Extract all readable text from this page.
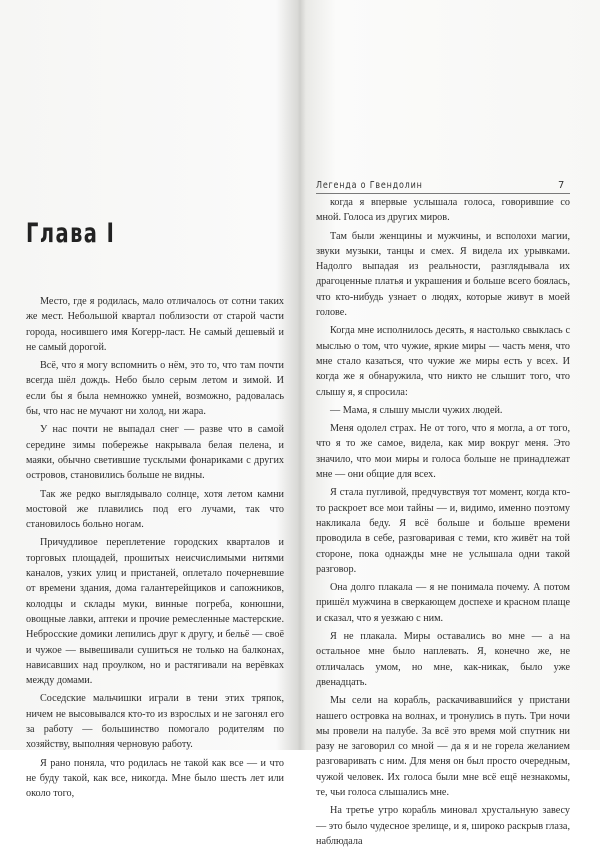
Глава I

Место, где я родилась, мало отличалось от сотни таких же мест. Небольшой квартал поблизости от старой части города, носившего имя Когерр-ласт. Не самый дешевый и не самый дорогой.

Всё, что я могу вспомнить о нём, это то, что там почти всегда шёл дождь. Небо было серым летом и зимой. И если бы я была немножко умней, возможно, радовалась бы, что нас не мучают ни холод, ни жара.

У нас почти не выпадал снег — разве что в самой середине зимы побережье накрывала белая пелена, и маяки, обычно светившие тусклыми фонариками с других островов, становились больше не видны.

Так же редко выглядывало солнце, хотя летом камни мостовой же плавились под его лучами, так что становилось больно ногам.

Причудливое переплетение городских кварталов и торговых площадей, прошитых неисчислимыми нитями каналов, узких улиц и пристаней, оплетало почерневшие от времени здания, дома галантерейщиков и сапожников, колодцы и склады муки, винные погреба, конюшни, овощные лавки, аптеки и прочие ремесленные мастерские. Небросские домики лепились друг к другу, и бельё — своё и чужое — вывешивали сушиться не только на балконах, нависавших над проулком, но и растягивали на верёвках между домами.

Соседские мальчишки играли в тени этих тряпок, ничем не высовывался кто-то из взрослых и не загонял его за работу — большинство помогало родителям по хозяйству, выполняя черновую работу.

Я рано поняла, что родилась не такой как все — и что не буду такой, как все, никогда. Мне было шесть лет или около того,

Легенда о Гвендолин	7

когда я впервые услышала голоса, говорившие со мной. Голоса из других миров.

Там были женщины и мужчины, и всполохи магии, звуки музыки, танцы и смех. Я видела их урывками. Надолго выпадая из реальности, разглядывала их драгоценные платья и украшения и больше всего боялась, что кто-нибудь узнает о людях, которые живут в моей голове.

Когда мне исполнилось десять, я настолько свыклась с мыслью о том, что чужие, яркие миры — часть меня, что мне стало казаться, что чужие же миры есть у всех. И когда же я обнаружила, что никто не слышит того, что слышу я, я спросила:

— Мама, я слышу мысли чужих людей.

Меня одолел страх. Не от того, что я могла, а от того, что я то же самое, видела, как мир вокруг меня. Это значило, что мои миры и голоса больше не принадлежат мне — они общие для всех.

Я стала пугливой, предчувствуя тот момент, когда кто-то раскроет все мои тайны — и, видимо, именно поэтому накликала беду. Я всё больше и больше времени проводила в себе, разговаривая с теми, кто живёт на той стороне, пока однажды мне не услышала одни такой разговор.

Она долго плакала — я не понимала почему. А потом пришёл мужчина в сверкающем доспехе и красном плаще и сказал, что я уезжаю с ним.

Я не плакала. Миры оставались во мне — а на остальное мне было наплевать. Я, конечно же, не отличалась умом, но мне, как-никак, было уже двенадцать.

Мы сели на корабль, раскачивавшийся у пристани нашего островка на волнах, и тронулись в путь. Три ночи мы провели на палубе. За всё это время мой спутник ни разу не заговорил со мной — да я и не горела желанием разговаривать с ним. Для меня он был просто очередным, чужой человек. Их голоса были мне всё ещё незнакомы, те, чьи голоса слышались мне.

На третье утро корабль миновал хрустальную завесу — это было чудесное зрелище, и я, широко раскрыв глаза, наблюдала
